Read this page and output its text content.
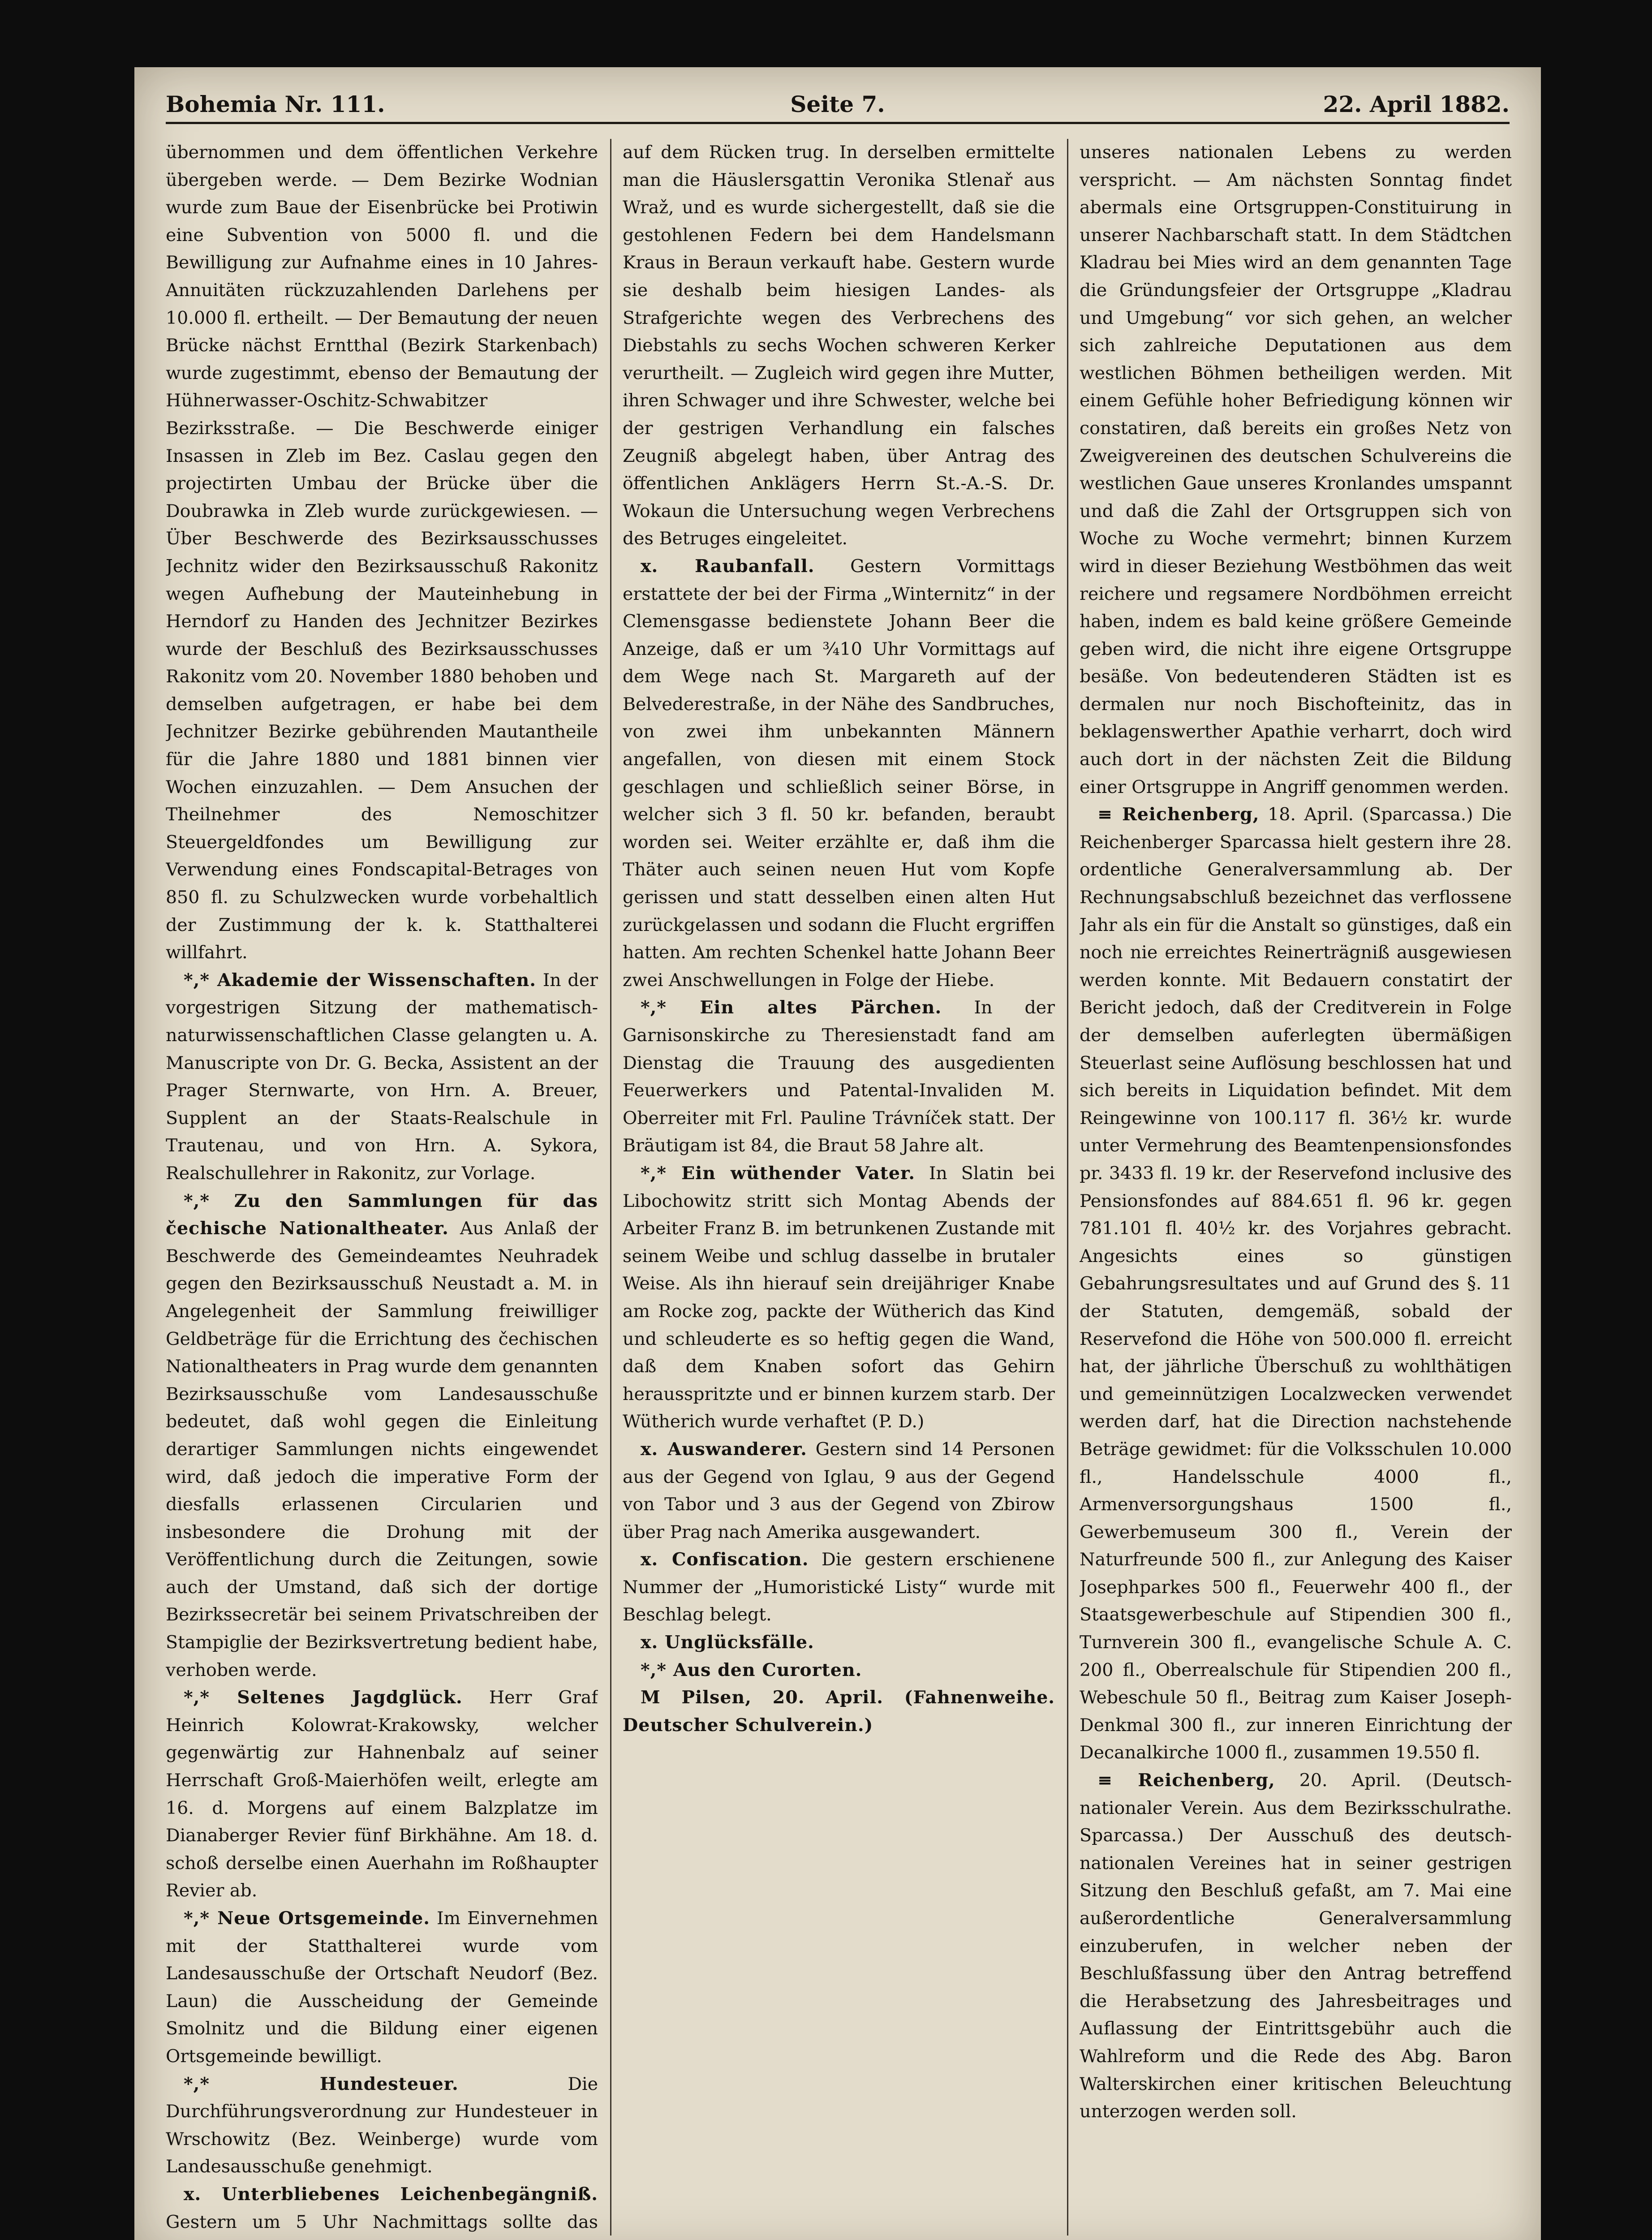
Bohemia Nr. 111.	Seite 7.	22. April 1882.

übernommen und dem öffentlichen Verkehre übergeben werde. — Dem Bezirke Wodnian wurde zum Baue der Eisenbrücke bei Protiwin eine Subvention von 5000 fl. und die Bewilligung zur Aufnahme eines in 10 Jahres-Annuitäten rückzuzahlenden Darlehens per 10.000 fl. ertheilt. — Der Bemautung der neuen Brücke nächst Erntthal (Bezirk Starkenbach) wurde zugestimmt, ebenso der Bemautung der Hühnerwasser-Oschitz-Schwabitzer Bezirksstraße. — Die Beschwerde einiger Insassen in Zleb im Bez. Caslau gegen den projectirten Umbau der Brücke über die Doubrawka in Zleb wurde zurückgewiesen. — Über Beschwerde des Bezirksausschusses Jechnitz wider den Bezirksausschuß Rakonitz wegen Aufhebung der Mauteinhebung in Herndorf zu Handen des Jechnitzer Bezirkes wurde der Beschluß des Bezirksausschusses Rakonitz vom 20. November 1880 behoben und demselben aufgetragen, er habe bei dem Jechnitzer Bezirke gebührenden Mautantheile für die Jahre 1880 und 1881 binnen vier Wochen einzuzahlen. — Dem Ansuchen der Theilnehmer des Nemoschitzer Steuergeldfondes um Bewilligung zur Verwendung eines Fondscapital-Betrages von 850 fl. zu Schulzwecken wurde vorbehaltlich der Zustimmung der k. k. Statthalterei willfahrt.

*,* Akademie der Wissenschaften. In der vorgestrigen Sitzung der mathematisch-naturwissenschaftlichen Classe gelangten u. A. Manuscripte von Dr. G. Becka, Assistent an der Prager Sternwarte, von Hrn. A. Breuer, Supplent an der Staats-Realschule in Trautenau, und von Hrn. A. Sykora, Realschullehrer in Rakonitz, zur Vorlage.

*,* Zu den Sammlungen für das čechische Nationaltheater. Aus Anlaß der Beschwerde des Gemeindeamtes Neuhradek gegen den Bezirksausschuß Neustadt a. M. in Angelegenheit der Sammlung freiwilliger Geldbeträge für die Errichtung des čechischen Nationaltheaters in Prag wurde dem genannten Bezirksausschuße vom Landesausschuße bedeutet, daß wohl gegen die Einleitung derartiger Sammlungen nichts eingewendet wird, daß jedoch die imperative Form der diesfalls erlassenen Circularien und insbesondere die Drohung mit der Veröffentlichung durch die Zeitungen, sowie auch der Umstand, daß sich der dortige Bezirkssecretär bei seinem Privatschreiben der Stampiglie der Bezirksvertretung bedient habe, verhoben werde.

*,* Seltenes Jagdglück. Herr Graf Heinrich Kolowrat-Krakowsky, welcher gegenwärtig zur Hahnenbalz auf seiner Herrschaft Groß-Maierhöfen weilt, erlegte am 16. d. Morgens auf einem Balzplatze im Dianaberger Revier fünf Birkhähne. Am 18. d. schoß derselbe einen Auerhahn im Roßhaupter Revier ab.

*,* Neue Ortsgemeinde. Im Einvernehmen mit der Statthalterei wurde vom Landesausschuße der Ortschaft Neudorf (Bez. Laun) die Ausscheidung der Gemeinde Smolnitz und die Bildung einer eigenen Ortsgemeinde bewilligt.

*,* Hundesteuer.	Die Durchführungsverordnung zur Hundesteuer in Wrschowitz (Bez. Weinberge) wurde vom Landesausschuße genehmigt.

x. Unterbliebenes Leichenbegängniß. Gestern um 5 Uhr Nachmittags sollte das

auf dem Rücken trug. In derselben ermittelte man die Häuslersgattin Veronika Stlenař aus Wraž, und es wurde sichergestellt, daß sie die gestohlenen Federn bei dem Handelsmann Kraus in Beraun verkauft habe. Gestern wurde sie deshalb beim hiesigen Landes- als Strafgerichte wegen des Verbrechens des Diebstahls zu sechs Wochen schweren Kerker verurtheilt. — Zugleich wird gegen ihre Mutter, ihren Schwager und ihre Schwester, welche bei der gestrigen Verhandlung ein falsches Zeugniß abgelegt haben, über Antrag des öffentlichen Anklägers Herrn St.-A.-S. Dr. Wokaun die Untersuchung wegen Verbrechens des Betruges eingeleitet.

x. Raubanfall. Gestern Vormittags erstattete der bei der Firma „Winternitz“ in der Clemensgasse bedienstete Johann Beer die Anzeige, daß er um ¾10 Uhr Vormittags auf dem Wege nach St. Margareth auf der Belvederestraße, in der Nähe des Sandbruches, von zwei ihm unbekannten Männern angefallen, von diesen mit einem Stock geschlagen und schließlich seiner Börse, in welcher sich 3 fl. 50 kr. befanden, beraubt worden sei. Weiter erzählte er, daß ihm die Thäter auch seinen neuen Hut vom Kopfe gerissen und statt desselben einen alten Hut zurückgelassen und sodann die Flucht ergriffen hatten. Am rechten Schenkel hatte Johann Beer zwei Anschwellungen in Folge der Hiebe.

*,* Ein altes Pärchen. In der Garnisonskirche zu Theresienstadt fand am Dienstag die Trauung des ausgedienten Feuerwerkers und Patental-Invaliden M. Oberreiter mit Frl. Pauline Trávníček statt. Der Bräutigam ist 84, die Braut 58 Jahre alt.

*,* Ein wüthender Vater. In Slatin bei Libochowitz stritt sich Montag Abends der Arbeiter Franz B. im betrunkenen Zustande mit seinem Weibe und schlug dasselbe in brutaler Weise. Als ihn hierauf sein dreijähriger Knabe am Rocke zog, packte der Wütherich das Kind und schleuderte es so heftig gegen die Wand, daß dem Knaben sofort das Gehirn herausspritzte und er binnen kurzem starb. Der Wütherich wurde verhaftet (P. D.)

x. Auswanderer. Gestern sind 14 Personen aus der Gegend von Iglau, 9 aus der Gegend von Tabor und 3 aus der Gegend von Zbirow über Prag nach Amerika ausgewandert.

x. Confiscation. Die gestern erschienene Nummer der „Humoristické Listy“ wurde mit Beschlag belegt.

x. Unglücksfälle.

*,* Aus den Curorten.

M Pilsen, 20. April. (Fahnenweihe. Deutscher Schulverein.)

unseres nationalen Lebens zu werden verspricht. — Am nächsten Sonntag findet abermals eine Ortsgruppen-Constituirung in unserer Nachbarschaft statt. In dem Städtchen Kladrau bei Mies wird an dem genannten Tage die Gründungsfeier der Ortsgruppe „Kladrau und Umgebung“ vor sich gehen, an welcher sich zahlreiche Deputationen aus dem westlichen Böhmen betheiligen werden. Mit einem Gefühle hoher Befriedigung können wir constatiren, daß bereits ein großes Netz von Zweigvereinen des deutschen Schulvereins die westlichen Gaue unseres Kronlandes umspannt und daß die Zahl der Ortsgruppen sich von Woche zu Woche vermehrt; binnen Kurzem wird in dieser Beziehung Westböhmen das weit reichere und regsamere Nordböhmen erreicht haben, indem es bald keine größere Gemeinde geben wird, die nicht ihre eigene Ortsgruppe besäße. Von bedeutenderen Städten ist es dermalen nur noch Bischofteinitz, das in beklagenswerther Apathie verharrt, doch wird auch dort in der nächsten Zeit die Bildung einer Ortsgruppe in Angriff genommen werden.

≡ Reichenberg, 18. April. (Sparcassa.) Die Reichenberger Sparcassa hielt gestern ihre 28. ordentliche Generalversammlung ab. Der Rechnungsabschluß bezeichnet das verflossene Jahr als ein für die Anstalt so günstiges, daß ein noch nie erreichtes Reinerträgniß ausgewiesen werden konnte. Mit Bedauern constatirt der Bericht jedoch, daß der Creditverein in Folge der demselben auferlegten übermäßigen Steuerlast seine Auflösung beschlossen hat und sich bereits in Liquidation befindet. Mit dem Reingewinne von 100.117 fl. 36½ kr. wurde unter Vermehrung des Beamtenpensionsfondes pr. 3433 fl. 19 kr. der Reservefond inclusive des Pensionsfondes auf 884.651 fl. 96 kr. gegen 781.101 fl. 40½ kr. des Vorjahres gebracht. Angesichts eines so günstigen Gebahrungsresultates und auf Grund des §. 11 der Statuten, demgemäß, sobald der Reservefond die Höhe von 500.000 fl. erreicht hat, der jährliche Überschuß zu wohlthätigen und gemeinnützigen Localzwecken verwendet werden darf, hat die Direction nachstehende Beträge gewidmet: für die Volksschulen 10.000 fl., Handelsschule 4000 fl., Armenversorgungshaus 1500 fl., Gewerbemuseum 300 fl., Verein der Naturfreunde 500 fl., zur Anlegung des Kaiser Josephparkes 500 fl., Feuerwehr 400 fl., der Staatsgewerbeschule auf Stipendien 300 fl., Turnverein 300 fl., evangelische Schule A. C. 200 fl., Oberrealschule für Stipendien 200 fl., Webeschule 50 fl., Beitrag zum Kaiser Joseph-Denkmal 300 fl., zur inneren Einrichtung der Decanalkirche 1000 fl., zusammen 19.550 fl.

≡ Reichenberg, 20. April. (Deutsch-nationaler Verein. Aus dem Bezirksschulrathe. Sparcassa.) Der Ausschuß des deutsch-nationalen Vereines hat in seiner gestrigen Sitzung den Beschluß gefaßt, am 7. Mai eine außerordentliche Generalversammlung einzuberufen, in welcher neben der Beschlußfassung über den Antrag betreffend die Herabsetzung des Jahresbeitrages und Auflassung der Eintrittsgebühr auch die Wahlreform und die Rede des Abg. Baron Walterskirchen einer kritischen Beleuchtung unterzogen werden soll.
